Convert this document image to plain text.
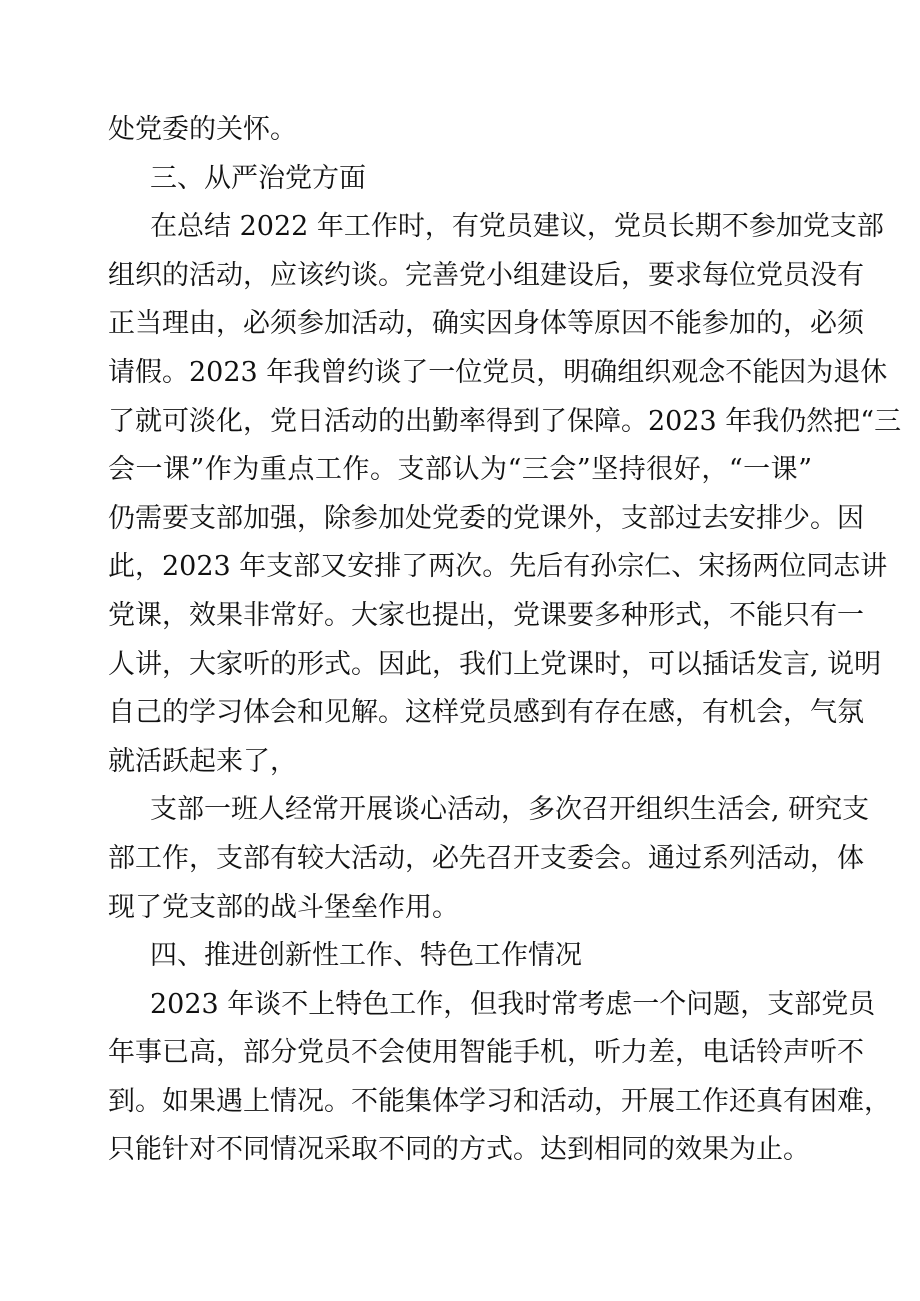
处党委的关怀。
三、从严治党方面
在总结 2022 年工作时，有党员建议，党员长期不参加党支部
组织的活动，应该约谈。完善党小组建设后，要求每位党员没有
正当理由，必须参加活动，确实因身体等原因不能参加的，必须
请假。2023 年我曾约谈了一位党员，明确组织观念不能因为退休
了就可淡化，党日活动的出勤率得到了保障。2023 年我仍然把“三
会一课”作为重点工作。支部认为“三会”坚持很好，“一课”
仍需要支部加强，除参加处党委的党课外，支部过去安排少。因
此，2023 年支部又安排了两次。先后有孙宗仁、宋扬两位同志讲
党课，效果非常好。大家也提出，党课要多种形式，不能只有一
人讲，大家听的形式。因此，我们上党课时，可以插话发言, 说明
自己的学习体会和见解。这样党员感到有存在感，有机会，气氛
就活跃起来了，
支部一班人经常开展谈心活动，多次召开组织生活会, 研究支
部工作，支部有较大活动，必先召开支委会。通过系列活动，体
现了党支部的战斗堡垒作用。
四、推进创新性工作、特色工作情况
2023 年谈不上特色工作，但我时常考虑一个问题，支部党员
年事已高，部分党员不会使用智能手机，听力差，电话铃声听不
到。如果遇上情况。不能集体学习和活动，开展工作还真有困难，
只能针对不同情况采取不同的方式。达到相同的效果为止。
